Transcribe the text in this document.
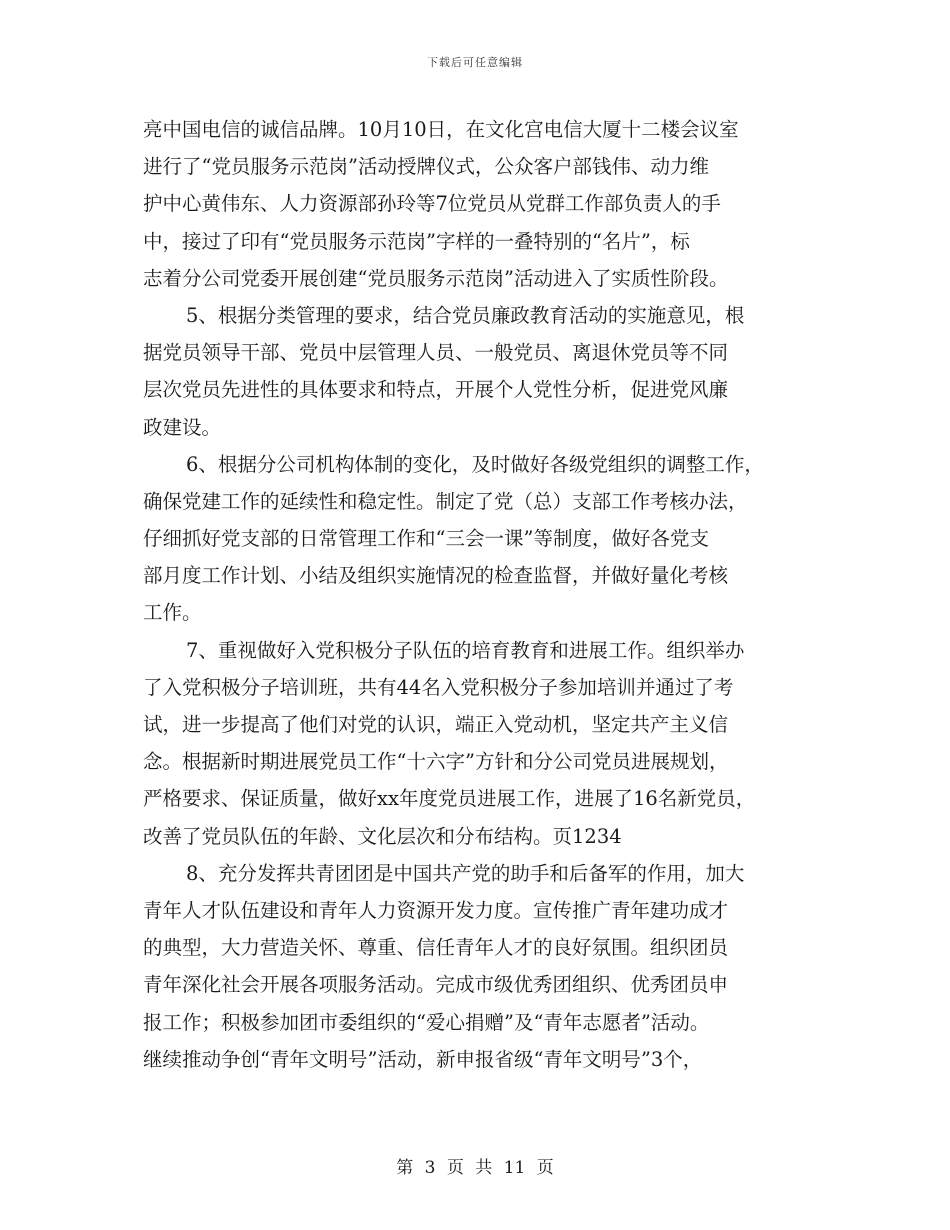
下载后可任意编辑
亮中国电信的诚信品牌。10月10日，在文化宫电信大厦十二楼会议室
进行了“党员服务示范岗”活动授牌仪式，公众客户部钱伟、动力维
护中心黄伟东、人力资源部孙玲等7位党员从党群工作部负责人的手
中，接过了印有“党员服务示范岗”字样的一叠特别的“名片”，标
志着分公司党委开展创建“党员服务示范岗”活动进入了实质性阶段。
5、根据分类管理的要求，结合党员廉政教育活动的实施意见，根
据党员领导干部、党员中层管理人员、一般党员、离退休党员等不同
层次党员先进性的具体要求和特点，开展个人党性分析，促进党风廉
政建设。
6、根据分公司机构体制的变化，及时做好各级党组织的调整工作，
确保党建工作的延续性和稳定性。制定了党（总）支部工作考核办法，
仔细抓好党支部的日常管理工作和“三会一课”等制度，做好各党支
部月度工作计划、小结及组织实施情况的检查监督，并做好量化考核
工作。
7、重视做好入党积极分子队伍的培育教育和进展工作。组织举办
了入党积极分子培训班，共有44名入党积极分子参加培训并通过了考
试，进一步提高了他们对党的认识，端正入党动机，坚定共产主义信
念。根据新时期进展党员工作“十六字”方针和分公司党员进展规划，
严格要求、保证质量，做好xx年度党员进展工作，进展了16名新党员，
改善了党员队伍的年龄、文化层次和分布结构。页1234
8、充分发挥共青团团是中国共产党的助手和后备军的作用，加大
青年人才队伍建设和青年人力资源开发力度。宣传推广青年建功成才
的典型，大力营造关怀、尊重、信任青年人才的良好氛围。组织团员
青年深化社会开展各项服务活动。完成市级优秀团组织、优秀团员申
报工作；积极参加团市委组织的“爱心捐赠”及“青年志愿者”活动。
继续推动争创“青年文明号”活动，新申报省级“青年文明号”3个，
第 3 页 共 11 页
